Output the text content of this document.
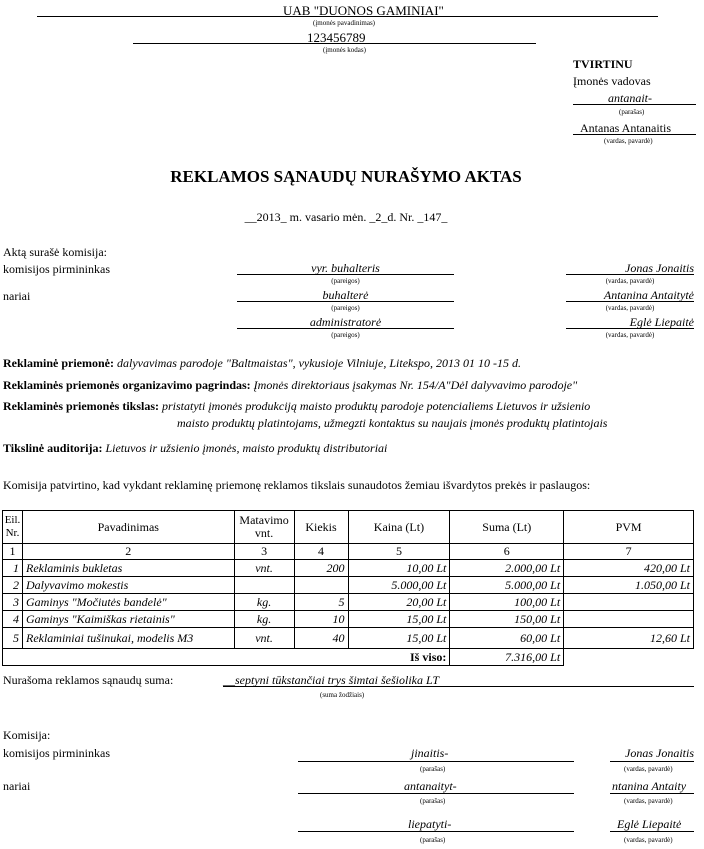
UAB "DUONOS GAMINIAI"
(įmonės pavadinimas)
123456789
(įmonės kodas)
TVIRTINU
Įmonės vadovas
antanait-
(parašas)
Antanas Antanaitis
(vardas, pavardė)
REKLAMOS SĄNAUDŲ NURAŠYMO AKTAS
__2013_ m. vasario mėn. _2_d. Nr. _147_
Aktą surašė komisija:
komisijos pirmininkas
nariai
vyr. buhalteris
(pareigos)
Jonas Jonaitis
(vardas, pavardė)
buhalterė
(pareigos)
Antanina Antaitytė
(vardas, pavardė)
administratorė
(pareigos)
Eglė Liepaitė
(vardas, pavardė)
Reklaminė priemonė: dalyvavimas parodoje "Baltmaistas", vykusioje Vilniuje, Litekspo, 2013 01 10 -15 d.
Reklaminės priemonės organizavimo pagrindas: Įmonės direktoriaus įsakymas Nr. 154/A"Dėl dalyvavimo parodoje"
Reklaminės priemonės tikslas: pristatyti įmonės produkciją maisto produktų parodoje potencialiems Lietuvos ir užsienio
maisto produktų platintojams, užmegzti kontaktus su naujais įmonės produktų platintojais
Tikslinė auditorija: Lietuvos ir užsienio įmonės, maisto produktų distributoriai
Komisija patvirtino, kad vykdant reklaminę priemonę reklamos tikslais sunaudotos žemiau išvardytos prekės ir paslaugos:
Eil. Nr.	Pavadinimas	Matavimo vnt.	Kiekis	Kaina (Lt)	Suma (Lt)	PVM
1	2	3	4	5	6	7
1	Reklaminis bukletas	vnt.	200	10,00 Lt	2.000,00 Lt	420,00 Lt
2	Dalyvavimo mokestis			5.000,00 Lt	5.000,00 Lt	1.050,00 Lt
3	Gaminys "Močiutės bandelė"	kg.	5	20,00 Lt	100,00 Lt	
4	Gaminys "Kaimiškas rietainis"	kg.	10	15,00 Lt	150,00 Lt	
5	Reklaminiai tušinukai, modelis M3	vnt.	40	15,00 Lt	60,00 Lt	12,60 Lt
Iš viso:					7.316,00 Lt	
Nurašoma reklamos sąnaudų suma:	__septyni tūkstančiai trys šimtai šešiolika LT
(suma žodžiais)
Komisija:
komisijos pirmininkas
nariai
jinaitis-
(parašas)
Jonas Jonaitis
(vardas, pavardė)
antanaityt-
(parašas)
ntanina Antaity
(vardas, pavardė)
liepatyti-
(parašas)
Eglė Liepaitė
(vardas, pavardė)
